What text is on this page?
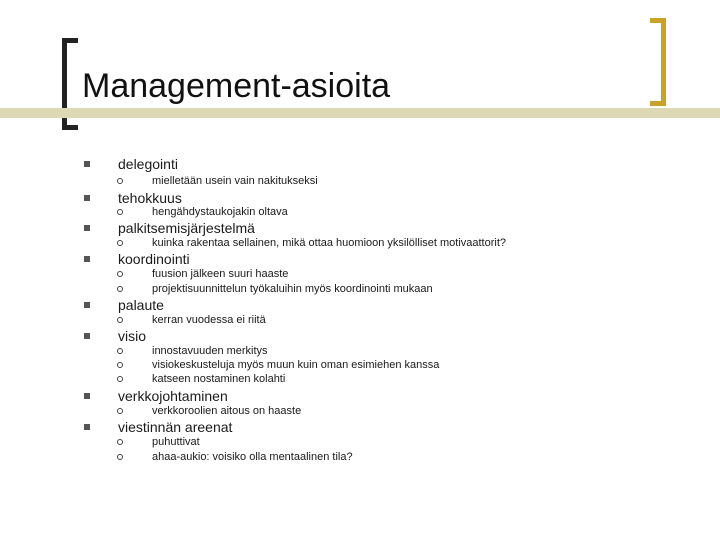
Management-asioita
delegointi
mielletään usein vain nakitukseksi
tehokkuus
hengähdystaukojakin oltava
palkitsemisjärjestelmä
kuinka rakentaa sellainen, mikä ottaa huomioon yksilölliset motivaattorit?
koordinointi
fuusion jälkeen suuri haaste
projektisuunnittelun työkaluihin myös koordinointi mukaan
palaute
kerran vuodessa ei riitä
visio
innostavuuden merkitys
visiokeskusteluja myös muun kuin oman esimiehen kanssa
katseen nostaminen kolahti
verkkojohtaminen
verkkoroolien aitous on haaste
viestinnän areenat
puhuttivat
ahaa-aukio: voisiko olla mentaalinen tila?
